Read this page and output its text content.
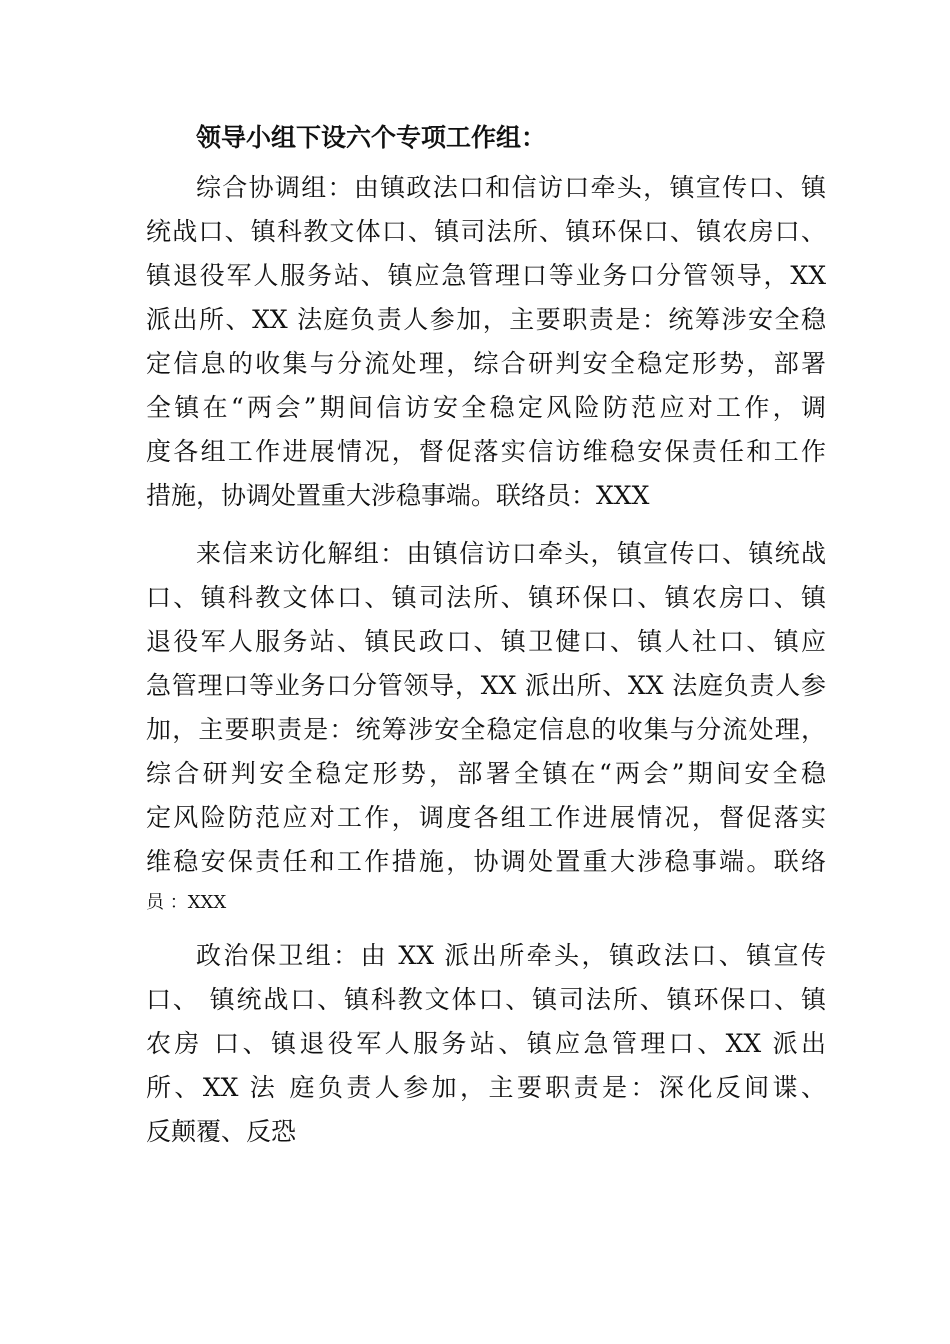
领导小组下设六个专项工作组：
综合协调组：由镇政法口和信访口牵头，镇宣传口、镇
统战口、镇科教文体口、镇司法所、镇环保口、镇农房口、
镇退役军人服务站、镇应急管理口等业务口分管领导，XX
派出所、XX 法庭负责人参加，主要职责是：统筹涉安全稳
定信息的收集与分流处理，综合研判安全稳定形势，部署
全镇在“两会”期间信访安全稳定风险防范应对工作，调
度各组工作进展情况，督促落实信访维稳安保责任和工作
措施，协调处置重大涉稳事端。联络员：XXX
来信来访化解组：由镇信访口牵头，镇宣传口、镇统战
口、镇科教文体口、镇司法所、镇环保口、镇农房口、镇
退役军人服务站、镇民政口、镇卫健口、镇人社口、镇应
急管理口等业务口分管领导，XX 派出所、XX 法庭负责人参
加，主要职责是：统筹涉安全稳定信息的收集与分流处理，
综合研判安全稳定形势，部署全镇在“两会”期间安全稳
定风险防范应对工作，调度各组工作进展情况，督促落实
维稳安保责任和工作措施，协调处置重大涉稳事端。联络
员 ：XXX
政治保卫组：由 XX 派出所牵头，镇政法口、镇宣传
口、 镇统战口、镇科教文体口、镇司法所、镇环保口、镇
农房 口、镇退役军人服务站、镇应急管理口、XX 派出
所、XX 法 庭负责人参加，主要职责是：深化反间谍、
反颠覆、反恐
